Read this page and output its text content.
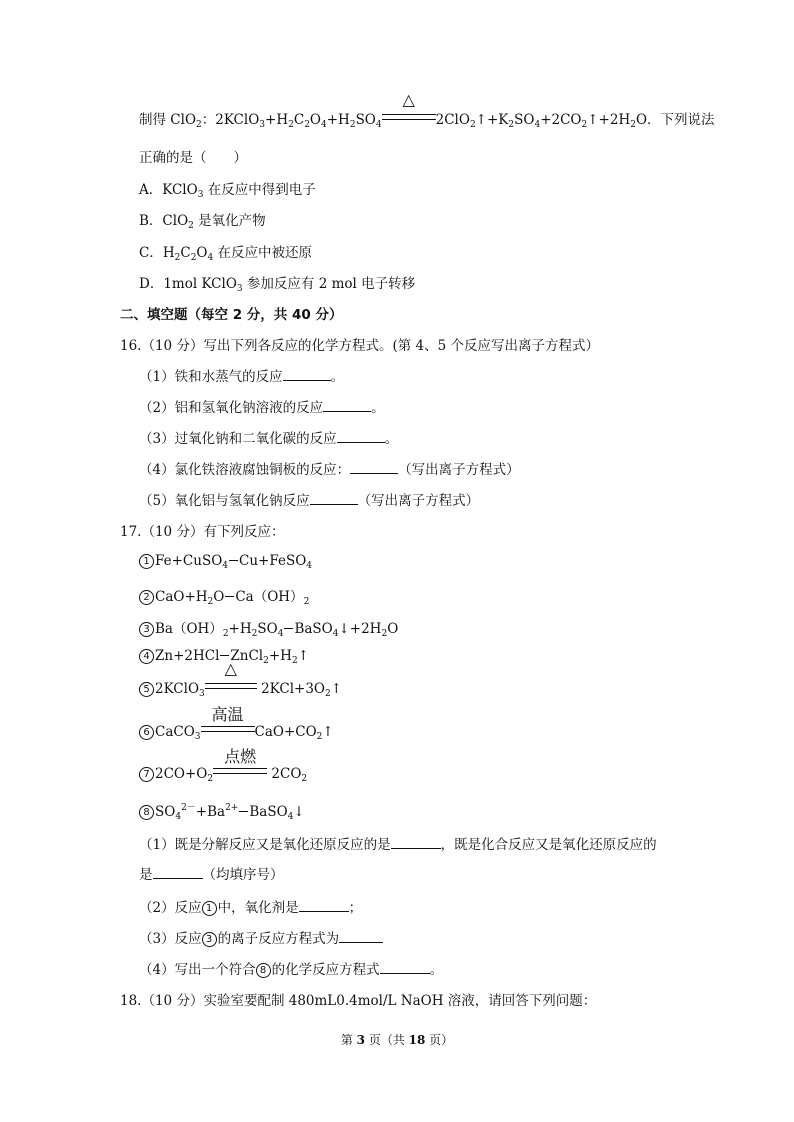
制得 ClO$_2$：$2KClO_3+H_2C_2O_4+H_2SO_4$
△
$2ClO_2↑+K_2SO_4+2CO_2↑+2H_2O$．下列说法
正确的是（　　）
A．KClO$_3$ 在反应中得到电子
B．ClO$_2$ 是氧化产物
C．$H_2C_2O_4$ 在反应中被还原
D．1mol KClO$_3$ 参加反应有 2 mol 电子转移
二、填空题（每空 2 分，共 40 分）
16.（10 分）写出下列各反应的化学方程式。(第 4、5 个反应写出离子方程式）
（1）铁和水蒸气的反应	。
（2）铝和氢氧化钠溶液的反应	。
（3）过氧化钠和二氧化碳的反应	。
（4）氯化铁溶液腐蚀铜板的反应：	（写出离子方程式）
（5）氧化铝与氢氧化钠反应	（写出离子方程式）
17.（10 分）有下列反应：
1 Fe+CuSO$_4$ Cu+FeSO$_4$
2 $CaO+H_2O$ $Ca(OH)_2$
3 $Ba(OH)_2+H_2SO_4$ $BaSO_4↓+2H_2O$
4 Zn+2HCl $ZnCl_2+H_2↑$
5 2KClO$_3$
△
$2KCl+3O_2↑$
6 CaCO$_3$
高温
$CaO+CO_2↑$
7 $2CO+O_2$
点燃
$2CO_2$
8 $SO_4^{2-}+Ba^{2+}$ BaSO$_4$↓
（1）既是分解反应又是氧化还原反应的是	，既是化合反应又是氧化还原反应的
是	（均填序号）
（2）反应 1 中，氧化剂是	；
（3）反应 3 的离子反应方程式为
（4）写出一个符合 8 的化学反应方程式	。
18.（10 分）实验室要配制 480mL0.4mol/L NaOH 溶液，请回答下列问题：
第 3 页（共 18 页）
